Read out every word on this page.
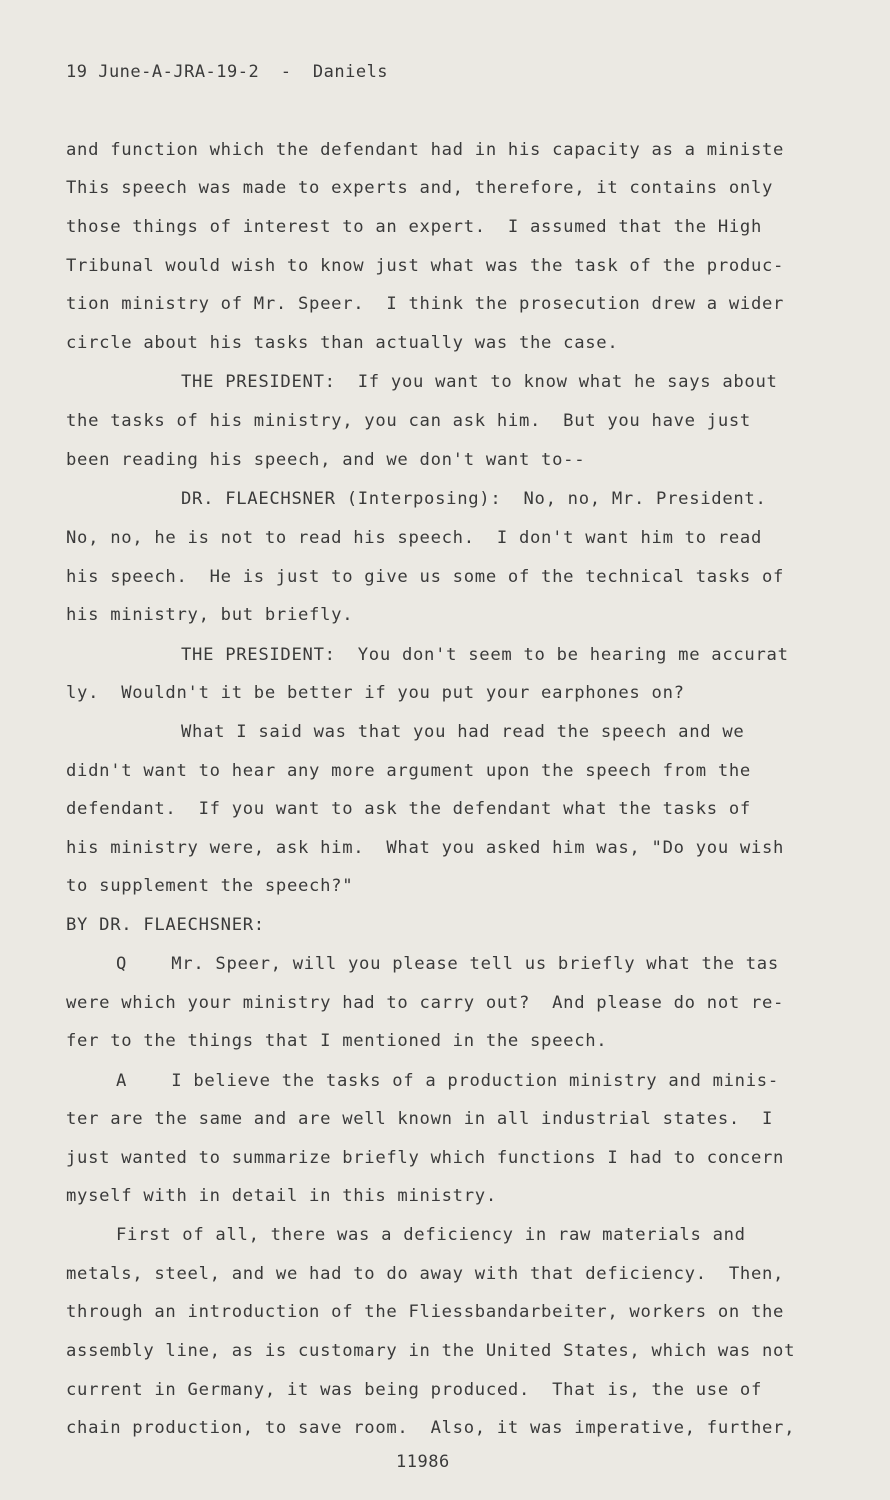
19 June-A-JRA-19-2  -  Daniels
and function which the defendant had in his capacity as a ministe
This speech was made to experts and, therefore, it contains only
those things of interest to an expert.  I assumed that the High
Tribunal would wish to know just what was the task of the produc-
tion ministry of Mr. Speer.  I think the prosecution drew a wider
circle about his tasks than actually was the case.
THE PRESIDENT:  If you want to know what he says about
the tasks of his ministry, you can ask him.  But you have just
been reading his speech, and we don't want to--
DR. FLAECHSNER (Interposing):  No, no, Mr. President.
No, no, he is not to read his speech.  I don't want him to read
his speech.  He is just to give us some of the technical tasks of
his ministry, but briefly.
THE PRESIDENT:  You don't seem to be hearing me accurat
ly.  Wouldn't it be better if you put your earphones on?
What I said was that you had read the speech and we
didn't want to hear any more argument upon the speech from the
defendant.  If you want to ask the defendant what the tasks of
his ministry were, ask him.  What you asked him was, "Do you wish
to supplement the speech?"
BY DR. FLAECHSNER:
Q    Mr. Speer, will you please tell us briefly what the tas
were which your ministry had to carry out?  And please do not re-
fer to the things that I mentioned in the speech.
A    I believe the tasks of a production ministry and minis-
ter are the same and are well known in all industrial states.  I
just wanted to summarize briefly which functions I had to concern
myself with in detail in this ministry.
First of all, there was a deficiency in raw materials and
metals, steel, and we had to do away with that deficiency.  Then,
through an introduction of the Fliessbandarbeiter, workers on the
assembly line, as is customary in the United States, which was not
current in Germany, it was being produced.  That is, the use of
chain production, to save room.  Also, it was imperative, further,
11986
